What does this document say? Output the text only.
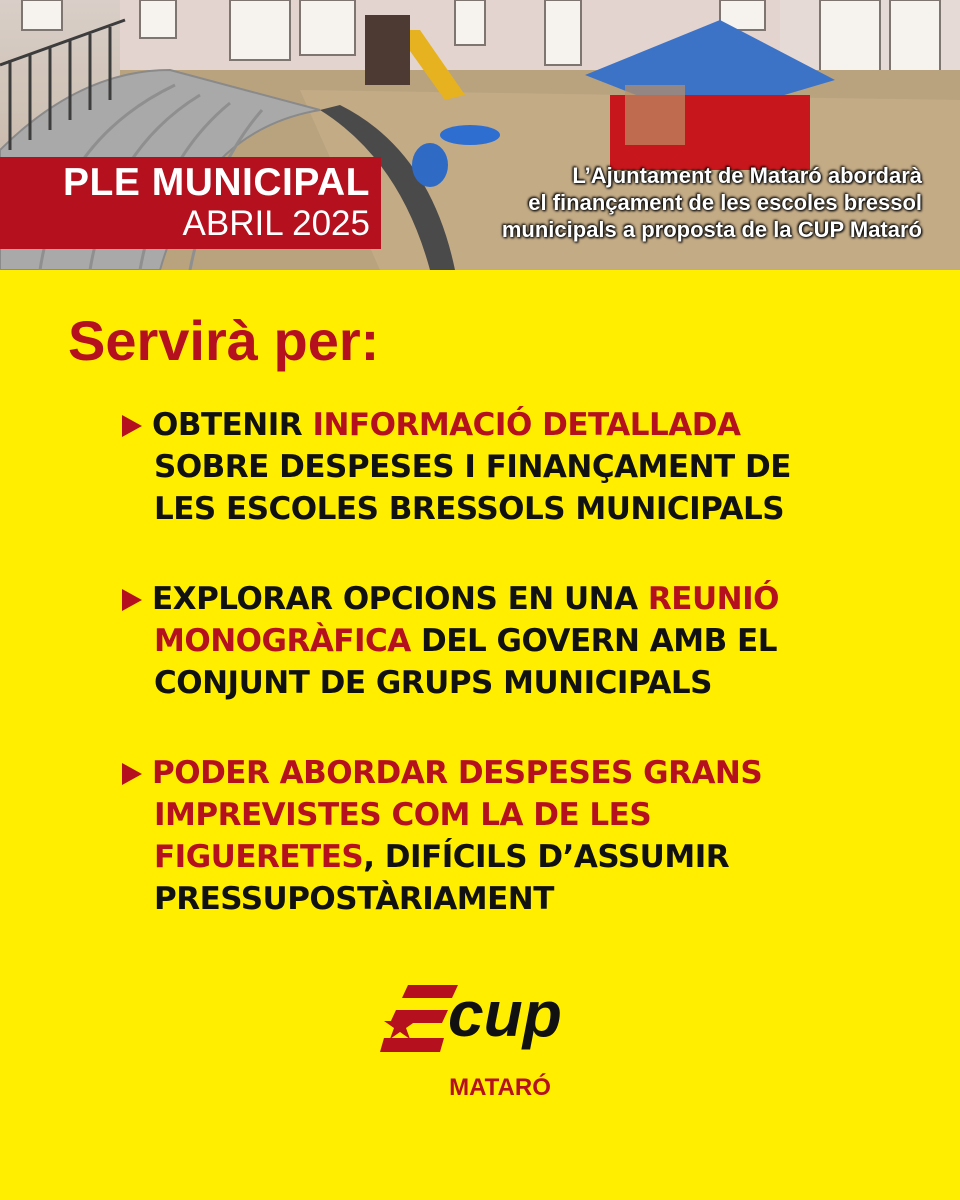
PLE MUNICIPAL
ABRIL 2025
L’Ajuntament de Mataró abordarà
el finançament de les escoles bressol
municipals a proposta de la CUP Mataró
Servirà per:
OBTENIR INFORMACIÓ DETALLADA
SOBRE DESPESES I FINANÇAMENT DE
LES ESCOLES BRESSOLS MUNICIPALS
EXPLORAR OPCIONS EN UNA REUNIÓ
MONOGRÀFICA DEL GOVERN AMB EL
CONJUNT DE GRUPS MUNICIPALS
PODER ABORDAR DESPESES GRANS
IMPREVISTES COM LA DE LES
FIGUERETES, DIFÍCILS D’ASSUMIR
PRESSUPOSTÀRIAMENT
cup
MATARÓ
